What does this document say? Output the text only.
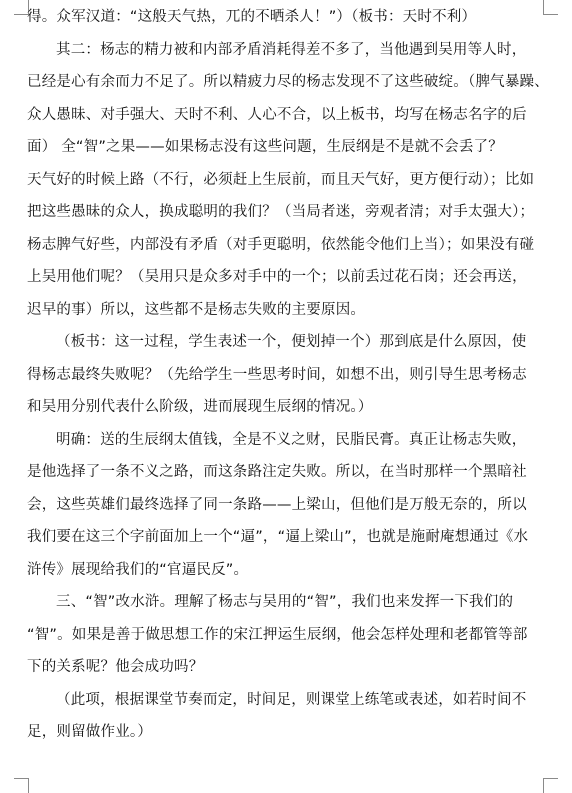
得。众军汉道：“这般天气热，兀的不晒杀人！”）（板书：天时不利）
其二：杨志的精力被和内部矛盾消耗得差不多了，当他遇到吴用等人时，
已经是心有余而力不足了。所以精疲力尽的杨志发现不了这些破绽。（脾气暴躁、
众人愚昧、对手强大、天时不利、人心不合，以上板书，均写在杨志名字的后
面） 全“智”之果——如果杨志没有这些问题，生辰纲是不是就不会丢了？
天气好的时候上路（不行，必须赶上生辰前，而且天气好，更方便行动）；比如
把这些愚昧的众人，换成聪明的我们？（当局者迷，旁观者清；对手太强大）；
杨志脾气好些，内部没有矛盾（对手更聪明，依然能令他们上当）；如果没有碰
上吴用他们呢？（吴用只是众多对手中的一个；以前丢过花石岗；还会再送，
迟早的事）所以，这些都不是杨志失败的主要原因。
（板书：这一过程，学生表述一个，便划掉一个）那到底是什么原因，使
得杨志最终失败呢？（先给学生一些思考时间，如想不出，则引导生思考杨志
和吴用分别代表什么阶级，进而展现生辰纲的情况。）
明确：送的生辰纲太值钱，全是不义之财，民脂民膏。真正让杨志失败，
是他选择了一条不义之路，而这条路注定失败。所以，在当时那样一个黑暗社
会，这些英雄们最终选择了同一条路——上梁山，但他们是万般无奈的，所以
我们要在这三个字前面加上一个“逼”，“逼上梁山”，也就是施耐庵想通过《水
浒传》展现给我们的“官逼民反”。
三、“智”改水浒。理解了杨志与吴用的“智”，我们也来发挥一下我们的
“智”。如果是善于做思想工作的宋江押运生辰纲，他会怎样处理和老都管等部
下的关系呢？他会成功吗？
（此项，根据课堂节奏而定，时间足，则课堂上练笔或表述，如若时间不
足，则留做作业。）
